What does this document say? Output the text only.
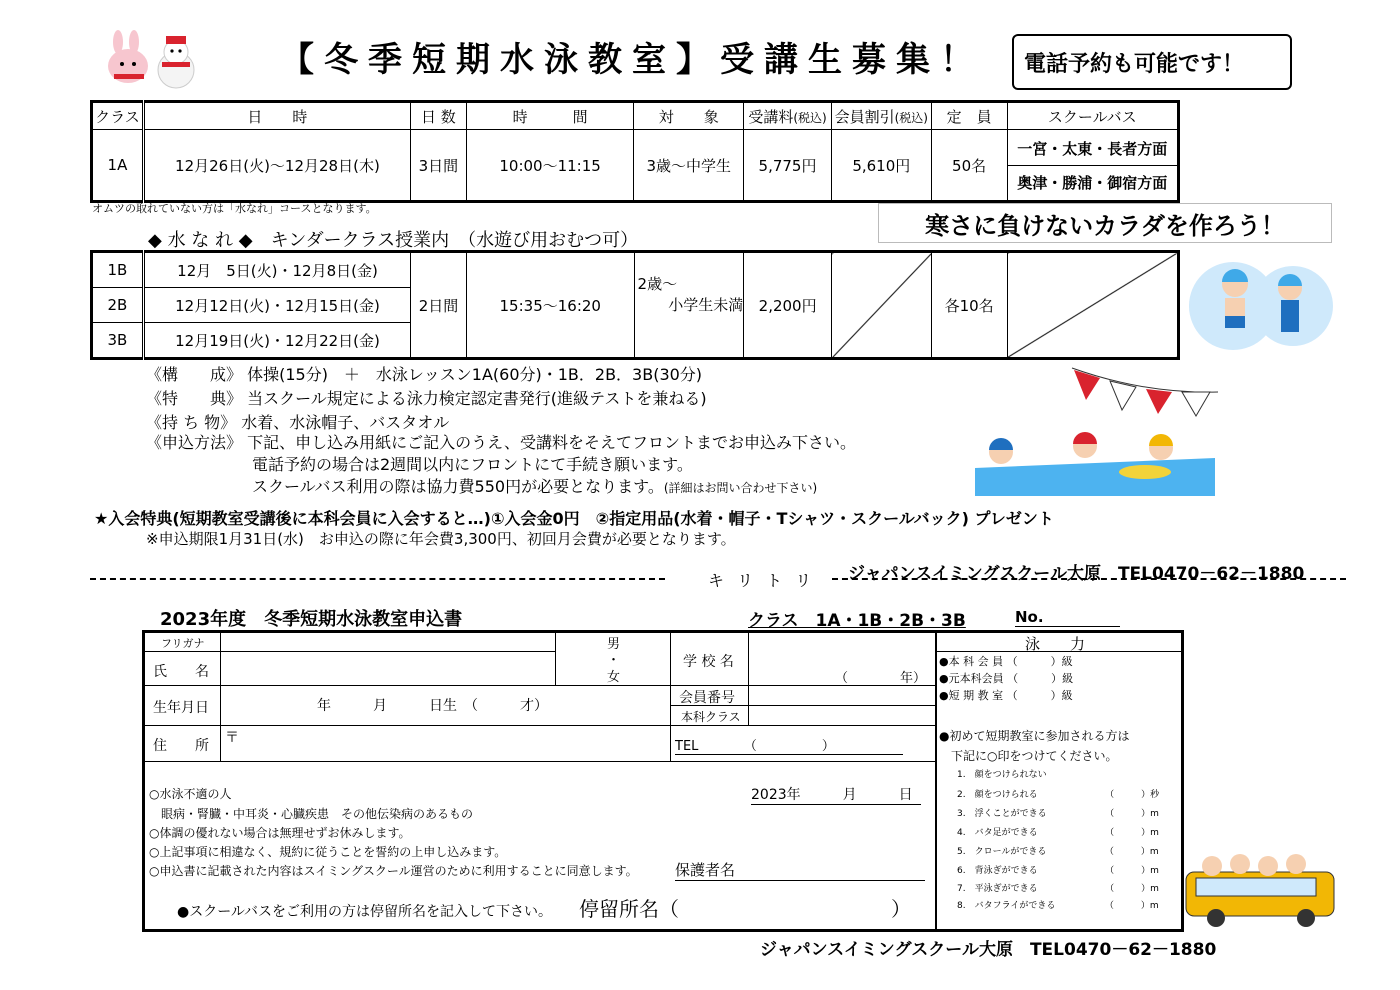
【冬季短期水泳教室】受講生募集！	電話予約も可能です！
クラス	日　　時	日 数	時　　　間	対　　象	受講料(税込)	会員割引(税込)	定　員	スクールバス
1A	12月26日(火)～12月28日(木)	3日間	10:00～11:15	3歳～中学生	5,775円	5,610円	50名	一宮・太東・長者方面
奥津・勝浦・御宿方面
オムツの取れていない方は「水なれ」コースとなります。
寒さに負けないカラダを作ろう！
◆ 水 な れ ◆　キンダークラス授業内　（水遊び用おむつ可）
1B	12月　5日(火)・12月8日(金)	2日間	15:35～16:20	2歳～
小学生未満	2,200円		各10名	
2B	12月12日(火)・12月15日(金)							
3B	12月19日(火)・12月22日(金)							
《構　　成》 体操(15分)　＋　水泳レッスン1A(60分)・1B．2B．3B(30分)
《特　　典》 当スクール規定による泳力検定認定書発行(進級テストを兼ねる)
《持 ち 物》 水着、水泳帽子、バスタオル
《申込方法》 下記、申し込み用紙にご記入のうえ、受講料をそえてフロントまでお申込み下さい。
電話予約の場合は2週間以内にフロントにて手続き願います。
スクールバス利用の際は協力費550円が必要となります。(詳細はお問い合わせ下さい)
★入会特典(短期教室受講後に本科会員に入会すると…)①入会金0円　②指定用品(水着・帽子・Tシャツ・スクールバック) プレゼント
※申込期限1月31日(水)　お申込の際に年会費3,300円、初回月会費が必要となります。
キ リ ト リ ジャパンスイミングスクール大原　TEL0470－62－1880
2023年度　冬季短期水泳教室申込書	クラス　1A・1B・2B・3B	No.
フリガナ
氏　　名
男
・
女
学 校 名
（　　　　年）
生年月日	年　　　月　　　日生　（　　　才）	会員番号
本科クラス
住　　所 〒
TEL　　　　（　　　　　）
○水泳不適の人
　眼病・腎臓・中耳炎・心臓疾患　その他伝染病のあるもの
○体調の優れない場合は無理せずお休みします。
○上記事項に相違なく、規約に従うことを誓約の上申し込みます。
○申込書に記載された内容はスイミングスクール運営のために利用することに同意します。
2023年　　　月　　　日
保護者名
●スクールバスをご利用の方は停留所名を記入して下さい。 停留所名（	）
泳　　力
●本 科 会 員 （　　　）級
●元本科会員 （　　　）級
●短 期 教 室 （　　　）級
●初めて短期教室に参加される方は
下記に○印をつけてください。
1.　顔をつけられない
2.　顔をつけられる　　　　　　　　（　　　）秒
3.　浮くことができる　　　　　　　（　　　）m
4.　バタ足ができる　　　　　　　　（　　　）m
5.　クロールができる　　　　　　　（　　　）m
6.　背泳ぎができる　　　　　　　　（　　　）m
7.　平泳ぎができる　　　　　　　　（　　　）m
8.　バタフライができる　　　　　　（　　　）m
ジャパンスイミングスクール大原　TEL0470－62－1880
